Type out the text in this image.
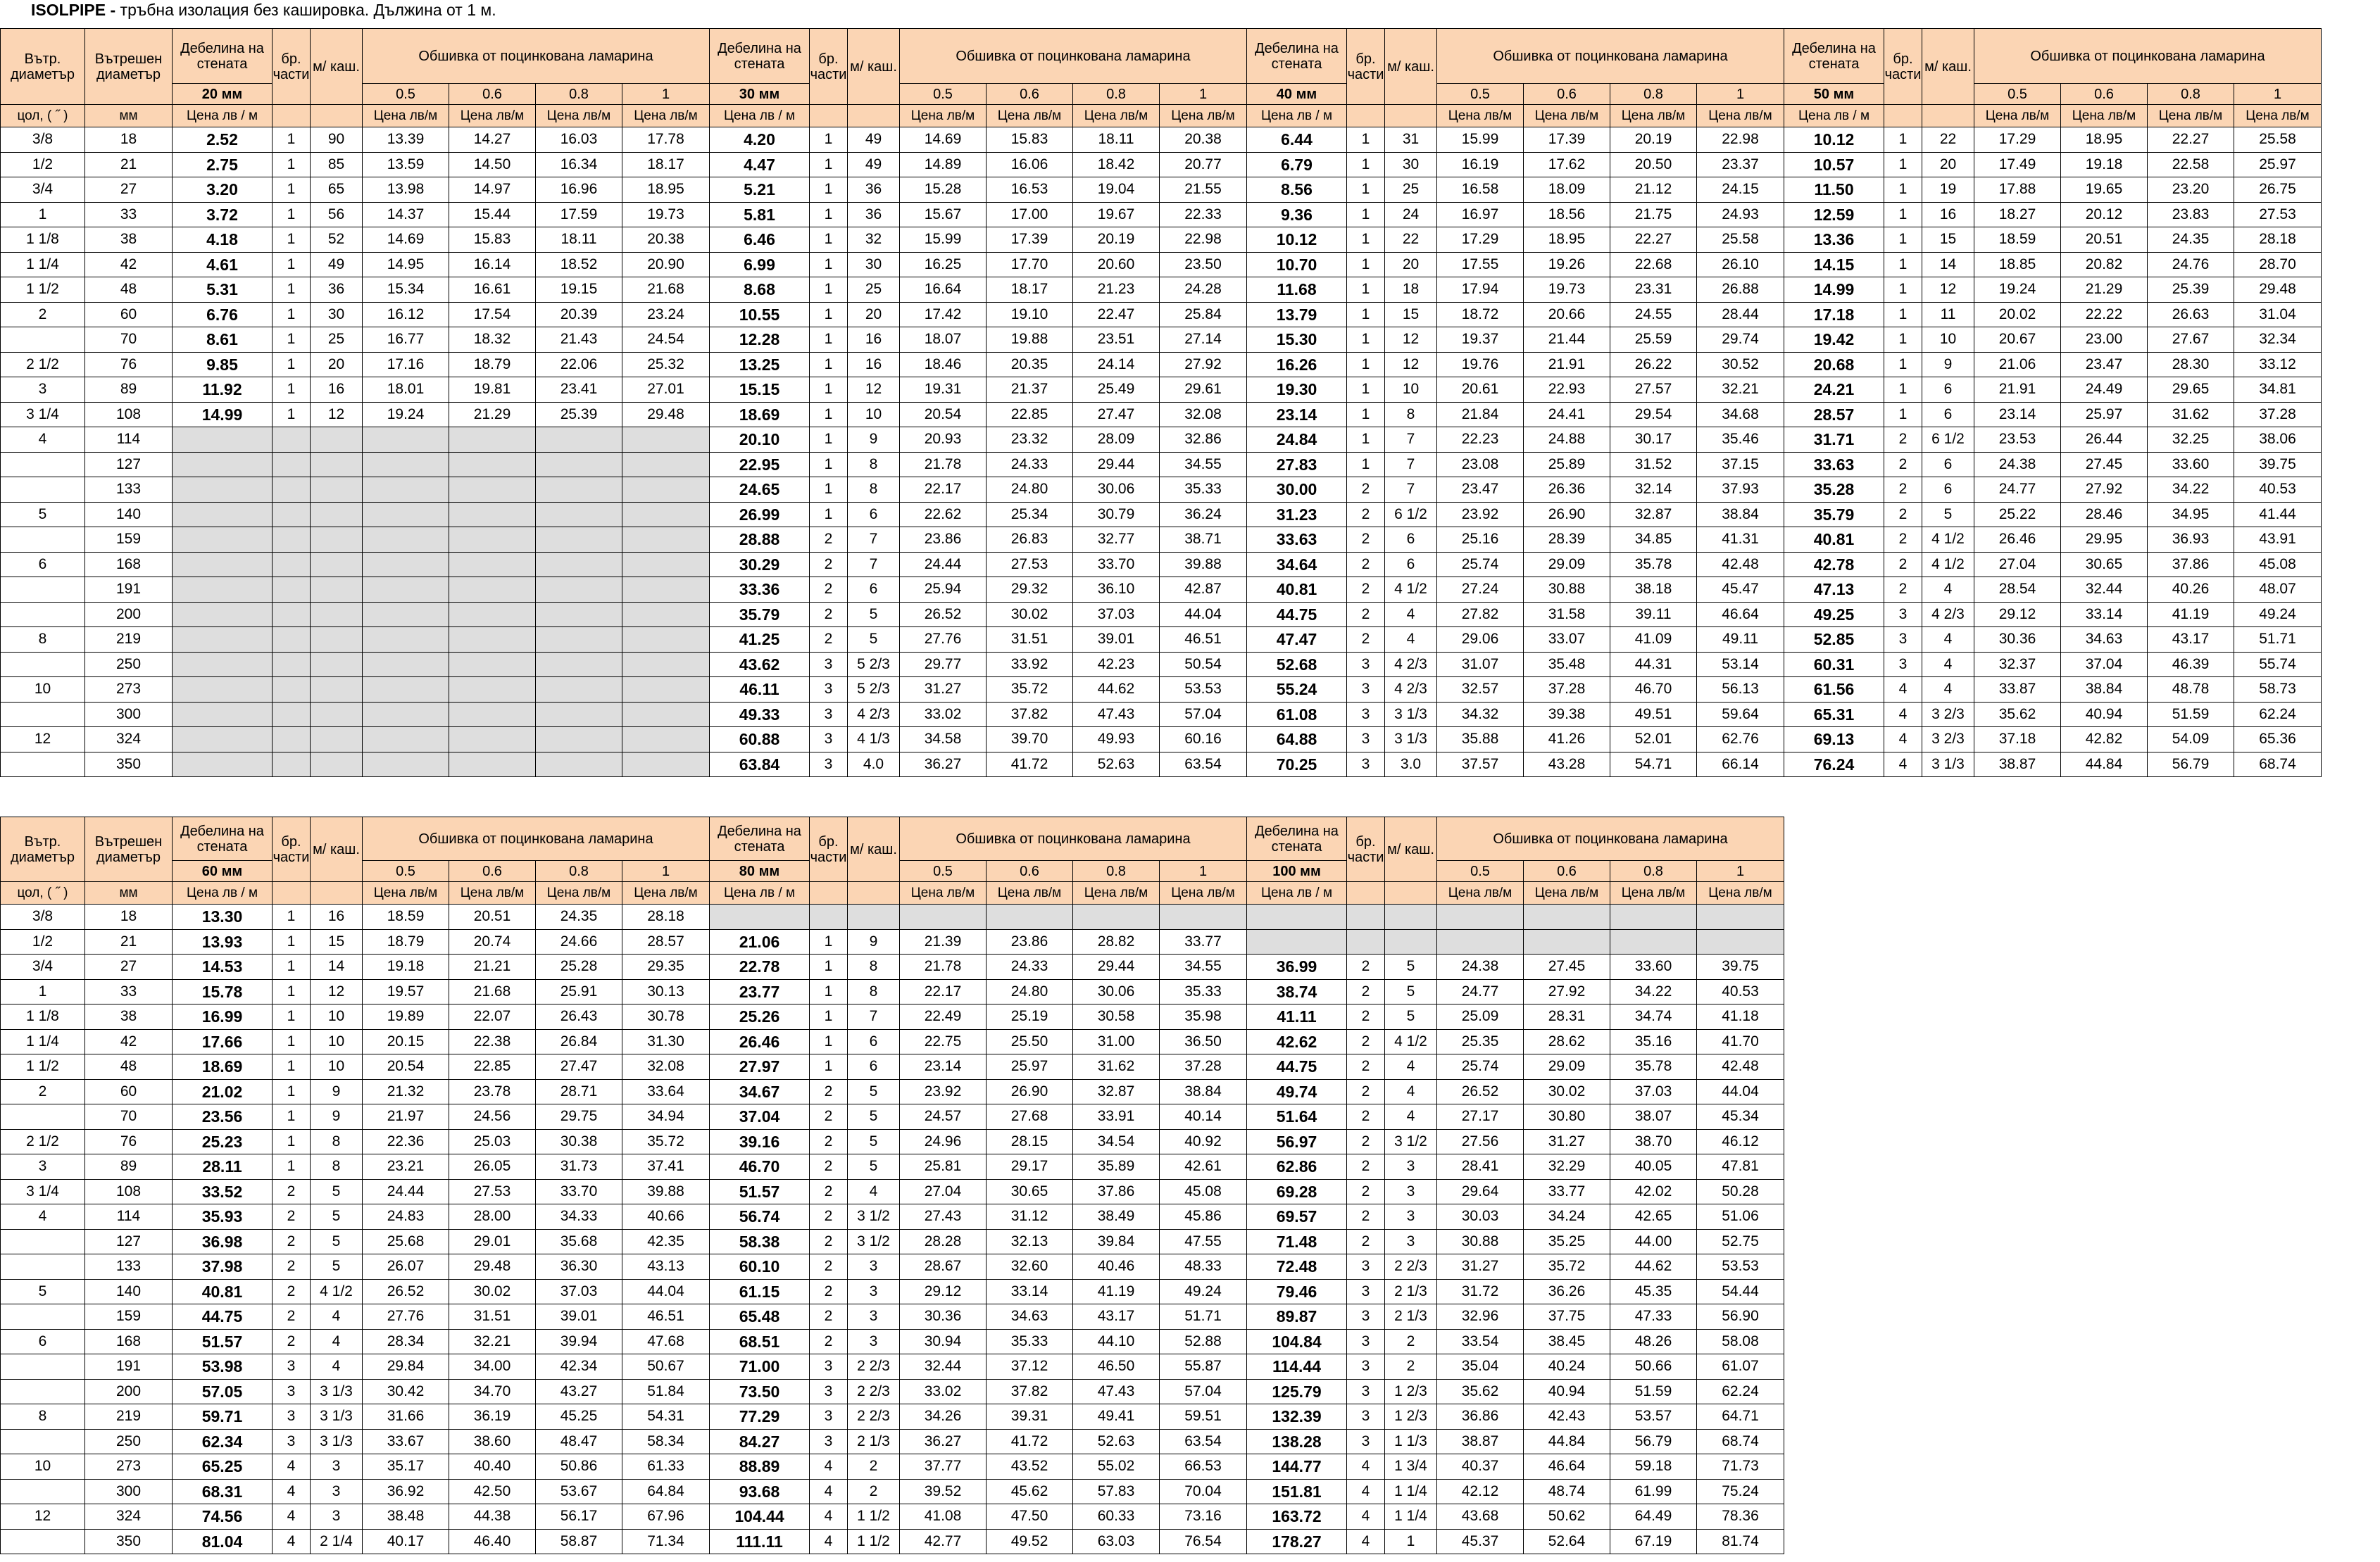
ISOLPIPE - тръбна изолация без каширoвка. Дължина от 1 м.
Вътр. диаметър	Вътрешен диаметър	Дебелина на стената	бр. части	м/ каш.	Обшивка от поцинкована ламарина				Дебелина на стената	бр. части	м/ каш.	Обшивка от поцинкована ламарина				Дебелина на стената	бр. части	м/ каш.	Обшивка от поцинкована ламарина				Дебелина на стената	бр. части	м/ каш.	Обшивка от поцинкована ламарина			
		20 мм			0.5	0.6	0.8	1	30 мм			0.5	0.6	0.8	1	40 мм			0.5	0.6	0.8	1	50 мм			0.5	0.6	0.8	1
цол, ( ˝ )	мм	Цена лв / м			Цена лв/м	Цена лв/м	Цена лв/м	Цена лв/м	Цена лв / м			Цена лв/м	Цена лв/м	Цена лв/м	Цена лв/м	Цена лв / м			Цена лв/м	Цена лв/м	Цена лв/м	Цена лв/м	Цена лв / м			Цена лв/м	Цена лв/м	Цена лв/м	Цена лв/м
3/8	18	2.52	1	90	13.39	14.27	16.03	17.78	4.20	1	49	14.69	15.83	18.11	20.38	6.44	1	31	15.99	17.39	20.19	22.98	10.12	1	22	17.29	18.95	22.27	25.58
1/2	21	2.75	1	85	13.59	14.50	16.34	18.17	4.47	1	49	14.89	16.06	18.42	20.77	6.79	1	30	16.19	17.62	20.50	23.37	10.57	1	20	17.49	19.18	22.58	25.97
3/4	27	3.20	1	65	13.98	14.97	16.96	18.95	5.21	1	36	15.28	16.53	19.04	21.55	8.56	1	25	16.58	18.09	21.12	24.15	11.50	1	19	17.88	19.65	23.20	26.75
1	33	3.72	1	56	14.37	15.44	17.59	19.73	5.81	1	36	15.67	17.00	19.67	22.33	9.36	1	24	16.97	18.56	21.75	24.93	12.59	1	16	18.27	20.12	23.83	27.53
1 1/8	38	4.18	1	52	14.69	15.83	18.11	20.38	6.46	1	32	15.99	17.39	20.19	22.98	10.12	1	22	17.29	18.95	22.27	25.58	13.36	1	15	18.59	20.51	24.35	28.18
1 1/4	42	4.61	1	49	14.95	16.14	18.52	20.90	6.99	1	30	16.25	17.70	20.60	23.50	10.70	1	20	17.55	19.26	22.68	26.10	14.15	1	14	18.85	20.82	24.76	28.70
1 1/2	48	5.31	1	36	15.34	16.61	19.15	21.68	8.68	1	25	16.64	18.17	21.23	24.28	11.68	1	18	17.94	19.73	23.31	26.88	14.99	1	12	19.24	21.29	25.39	29.48
2	60	6.76	1	30	16.12	17.54	20.39	23.24	10.55	1	20	17.42	19.10	22.47	25.84	13.79	1	15	18.72	20.66	24.55	28.44	17.18	1	11	20.02	22.22	26.63	31.04
	70	8.61	1	25	16.77	18.32	21.43	24.54	12.28	1	16	18.07	19.88	23.51	27.14	15.30	1	12	19.37	21.44	25.59	29.74	19.42	1	10	20.67	23.00	27.67	32.34
2 1/2	76	9.85	1	20	17.16	18.79	22.06	25.32	13.25	1	16	18.46	20.35	24.14	27.92	16.26	1	12	19.76	21.91	26.22	30.52	20.68	1	9	21.06	23.47	28.30	33.12
3	89	11.92	1	16	18.01	19.81	23.41	27.01	15.15	1	12	19.31	21.37	25.49	29.61	19.30	1	10	20.61	22.93	27.57	32.21	24.21	1	6	21.91	24.49	29.65	34.81
3 1/4	108	14.99	1	12	19.24	21.29	25.39	29.48	18.69	1	10	20.54	22.85	27.47	32.08	23.14	1	8	21.84	24.41	29.54	34.68	28.57	1	6	23.14	25.97	31.62	37.28
4	114								20.10	1	9	20.93	23.32	28.09	32.86	24.84	1	7	22.23	24.88	30.17	35.46	31.71	2	6 1/2	23.53	26.44	32.25	38.06
	127								22.95	1	8	21.78	24.33	29.44	34.55	27.83	1	7	23.08	25.89	31.52	37.15	33.63	2	6	24.38	27.45	33.60	39.75
	133								24.65	1	8	22.17	24.80	30.06	35.33	30.00	2	7	23.47	26.36	32.14	37.93	35.28	2	6	24.77	27.92	34.22	40.53
5	140								26.99	1	6	22.62	25.34	30.79	36.24	31.23	2	6 1/2	23.92	26.90	32.87	38.84	35.79	2	5	25.22	28.46	34.95	41.44
	159								28.88	2	7	23.86	26.83	32.77	38.71	33.63	2	6	25.16	28.39	34.85	41.31	40.81	2	4 1/2	26.46	29.95	36.93	43.91
6	168								30.29	2	7	24.44	27.53	33.70	39.88	34.64	2	6	25.74	29.09	35.78	42.48	42.78	2	4 1/2	27.04	30.65	37.86	45.08
	191								33.36	2	6	25.94	29.32	36.10	42.87	40.81	2	4 1/2	27.24	30.88	38.18	45.47	47.13	2	4	28.54	32.44	40.26	48.07
	200								35.79	2	5	26.52	30.02	37.03	44.04	44.75	2	4	27.82	31.58	39.11	46.64	49.25	3	4 2/3	29.12	33.14	41.19	49.24
8	219								41.25	2	5	27.76	31.51	39.01	46.51	47.47	2	4	29.06	33.07	41.09	49.11	52.85	3	4	30.36	34.63	43.17	51.71
	250								43.62	3	5 2/3	29.77	33.92	42.23	50.54	52.68	3	4 2/3	31.07	35.48	44.31	53.14	60.31	3	4	32.37	37.04	46.39	55.74
10	273								46.11	3	5 2/3	31.27	35.72	44.62	53.53	55.24	3	4 2/3	32.57	37.28	46.70	56.13	61.56	4	4	33.87	38.84	48.78	58.73
	300								49.33	3	4 2/3	33.02	37.82	47.43	57.04	61.08	3	3 1/3	34.32	39.38	49.51	59.64	65.31	4	3 2/3	35.62	40.94	51.59	62.24
12	324								60.88	3	4 1/3	34.58	39.70	49.93	60.16	64.88	3	3 1/3	35.88	41.26	52.01	62.76	69.13	4	3 2/3	37.18	42.82	54.09	65.36
	350								63.84	3	4.0	36.27	41.72	52.63	63.54	70.25	3	3.0	37.57	43.28	54.71	66.14	76.24	4	3 1/3	38.87	44.84	56.79	68.74
Вътр. диаметър	Вътрешен диаметър	Дебелина на стената	бр. части	м/ каш.	Обшивка от поцинкована ламарина				Дебелина на стената	бр. части	м/ каш.	Обшивка от поцинкована ламарина				Дебелина на стената	бр. части	м/ каш.	Обшивка от поцинкована ламарина			
		60 мм			0.5	0.6	0.8	1	80 мм			0.5	0.6	0.8	1	100 мм			0.5	0.6	0.8	1
цол, ( ˝ )	мм	Цена лв / м			Цена лв/м	Цена лв/м	Цена лв/м	Цена лв/м	Цена лв / м			Цена лв/м	Цена лв/м	Цена лв/м	Цена лв/м	Цена лв / м			Цена лв/м	Цена лв/м	Цена лв/м	Цена лв/м
3/8	18	13.30	1	16	18.59	20.51	24.35	28.18														
1/2	21	13.93	1	15	18.79	20.74	24.66	28.57	21.06	1	9	21.39	23.86	28.82	33.77							
3/4	27	14.53	1	14	19.18	21.21	25.28	29.35	22.78	1	8	21.78	24.33	29.44	34.55	36.99	2	5	24.38	27.45	33.60	39.75
1	33	15.78	1	12	19.57	21.68	25.91	30.13	23.77	1	8	22.17	24.80	30.06	35.33	38.74	2	5	24.77	27.92	34.22	40.53
1 1/8	38	16.99	1	10	19.89	22.07	26.43	30.78	25.26	1	7	22.49	25.19	30.58	35.98	41.11	2	5	25.09	28.31	34.74	41.18
1 1/4	42	17.66	1	10	20.15	22.38	26.84	31.30	26.46	1	6	22.75	25.50	31.00	36.50	42.62	2	4 1/2	25.35	28.62	35.16	41.70
1 1/2	48	18.69	1	10	20.54	22.85	27.47	32.08	27.97	1	6	23.14	25.97	31.62	37.28	44.75	2	4	25.74	29.09	35.78	42.48
2	60	21.02	1	9	21.32	23.78	28.71	33.64	34.67	2	5	23.92	26.90	32.87	38.84	49.74	2	4	26.52	30.02	37.03	44.04
	70	23.56	1	9	21.97	24.56	29.75	34.94	37.04	2	5	24.57	27.68	33.91	40.14	51.64	2	4	27.17	30.80	38.07	45.34
2 1/2	76	25.23	1	8	22.36	25.03	30.38	35.72	39.16	2	5	24.96	28.15	34.54	40.92	56.97	2	3 1/2	27.56	31.27	38.70	46.12
3	89	28.11	1	8	23.21	26.05	31.73	37.41	46.70	2	5	25.81	29.17	35.89	42.61	62.86	2	3	28.41	32.29	40.05	47.81
3 1/4	108	33.52	2	5	24.44	27.53	33.70	39.88	51.57	2	4	27.04	30.65	37.86	45.08	69.28	2	3	29.64	33.77	42.02	50.28
4	114	35.93	2	5	24.83	28.00	34.33	40.66	56.74	2	3 1/2	27.43	31.12	38.49	45.86	69.57	2	3	30.03	34.24	42.65	51.06
	127	36.98	2	5	25.68	29.01	35.68	42.35	58.38	2	3 1/2	28.28	32.13	39.84	47.55	71.48	2	3	30.88	35.25	44.00	52.75
	133	37.98	2	5	26.07	29.48	36.30	43.13	60.10	2	3	28.67	32.60	40.46	48.33	72.48	3	2 2/3	31.27	35.72	44.62	53.53
5	140	40.81	2	4 1/2	26.52	30.02	37.03	44.04	61.15	2	3	29.12	33.14	41.19	49.24	79.46	3	2 1/3	31.72	36.26	45.35	54.44
	159	44.75	2	4	27.76	31.51	39.01	46.51	65.48	2	3	30.36	34.63	43.17	51.71	89.87	3	2 1/3	32.96	37.75	47.33	56.90
6	168	51.57	2	4	28.34	32.21	39.94	47.68	68.51	2	3	30.94	35.33	44.10	52.88	104.84	3	2	33.54	38.45	48.26	58.08
	191	53.98	3	4	29.84	34.00	42.34	50.67	71.00	3	2 2/3	32.44	37.12	46.50	55.87	114.44	3	2	35.04	40.24	50.66	61.07
	200	57.05	3	3 1/3	30.42	34.70	43.27	51.84	73.50	3	2 2/3	33.02	37.82	47.43	57.04	125.79	3	1 2/3	35.62	40.94	51.59	62.24
8	219	59.71	3	3 1/3	31.66	36.19	45.25	54.31	77.29	3	2 2/3	34.26	39.31	49.41	59.51	132.39	3	1 2/3	36.86	42.43	53.57	64.71
	250	62.34	3	3 1/3	33.67	38.60	48.47	58.34	84.27	3	2 1/3	36.27	41.72	52.63	63.54	138.28	3	1 1/3	38.87	44.84	56.79	68.74
10	273	65.25	4	3	35.17	40.40	50.86	61.33	88.89	4	2	37.77	43.52	55.02	66.53	144.77	4	1 3/4	40.37	46.64	59.18	71.73
	300	68.31	4	3	36.92	42.50	53.67	64.84	93.68	4	2	39.52	45.62	57.83	70.04	151.81	4	1 1/4	42.12	48.74	61.99	75.24
12	324	74.56	4	3	38.48	44.38	56.17	67.96	104.44	4	1 1/2	41.08	47.50	60.33	73.16	163.72	4	1 1/4	43.68	50.62	64.49	78.36
	350	81.04	4	2 1/4	40.17	46.40	58.87	71.34	111.11	4	1 1/2	42.77	49.52	63.03	76.54	178.27	4	1	45.37	52.64	67.19	81.74
